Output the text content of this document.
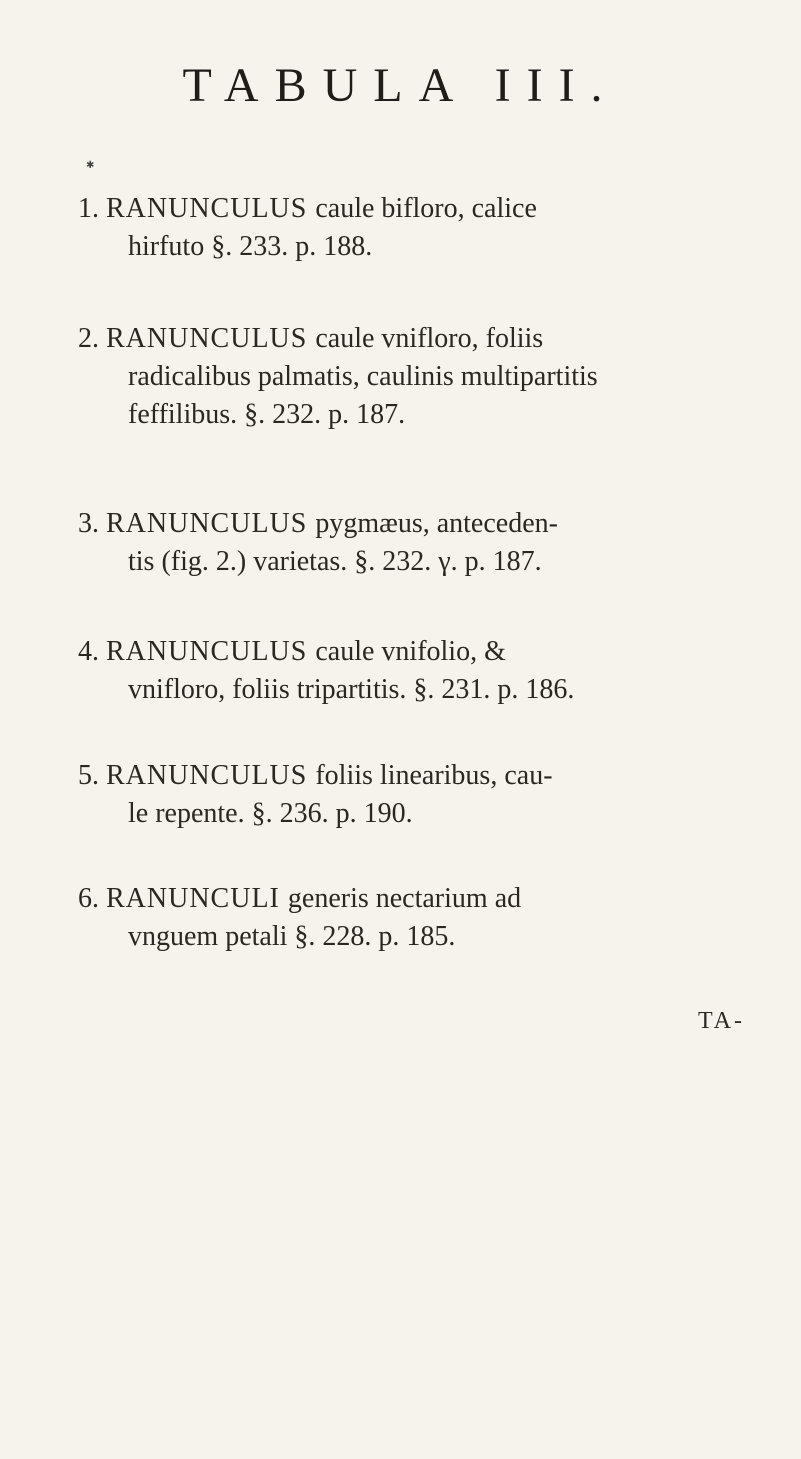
TABULA III.
✱
1. RANUNCULUS caule bifloro, calice
hirfuto §. 233. p. 188.
2. RANUNCULUS caule vnifloro, foliis
radicalibus palmatis, caulinis multipartitis
feffilibus. §. 232. p. 187.
3. RANUNCULUS pygmæus, anteceden-
tis (fig. 2.) varietas. §. 232. γ. p. 187.
4. RANUNCULUS caule vnifolio, &
vnifloro, foliis tripartitis. §. 231. p. 186.
5. RANUNCULUS foliis linearibus, cau-
le repente. §. 236. p. 190.
6. RANUNCULI generis nectarium ad
vnguem petali §. 228. p. 185.
TA-
